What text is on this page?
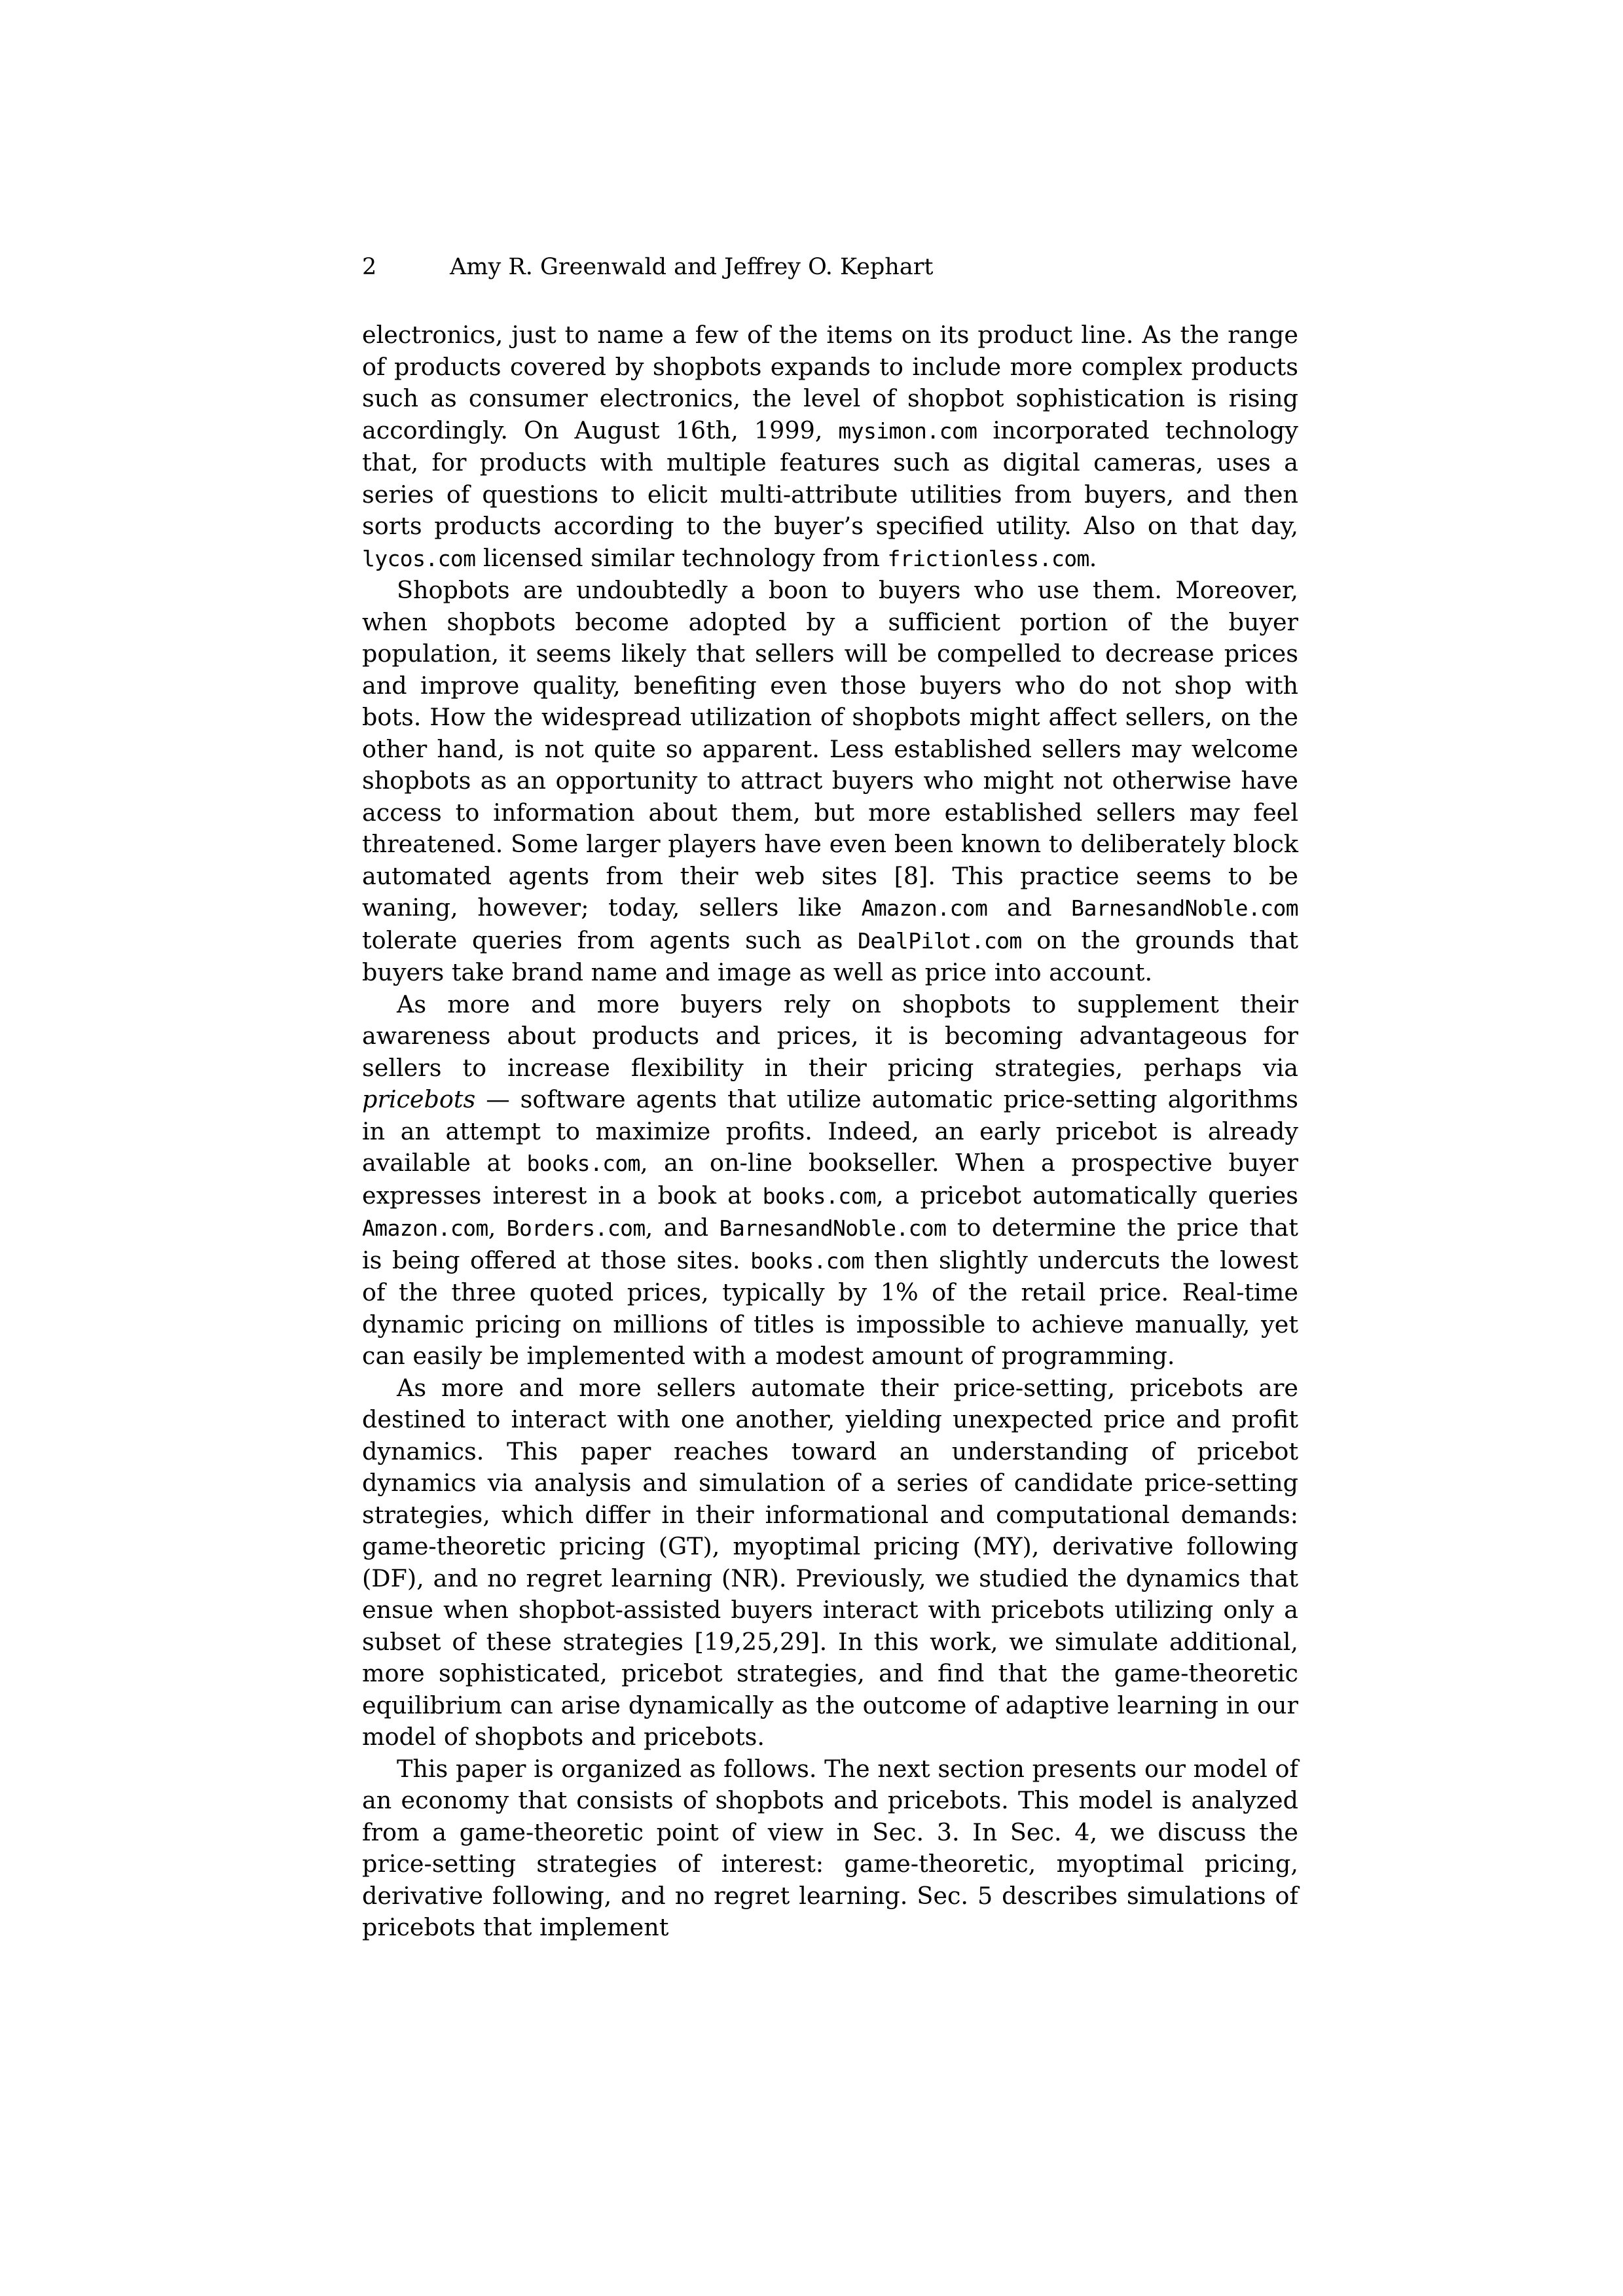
2	Amy R. Greenwald and Jeffrey O. Kephart

electronics, just to name a few of the items on its product line. As the range of products covered by shopbots expands to include more complex products such as consumer electronics, the level of shopbot sophistication is rising accordingly. On August 16th, 1999, mysimon.com incorporated technology that, for products with multiple features such as digital cameras, uses a series of questions to elicit multi-attribute utilities from buyers, and then sorts products according to the buyer’s specified utility. Also on that day, lycos.com licensed similar technology from frictionless.com.

Shopbots are undoubtedly a boon to buyers who use them. Moreover, when shopbots become adopted by a sufficient portion of the buyer population, it seems likely that sellers will be compelled to decrease prices and improve quality, benefiting even those buyers who do not shop with bots. How the widespread utilization of shopbots might affect sellers, on the other hand, is not quite so apparent. Less established sellers may welcome shopbots as an opportunity to attract buyers who might not otherwise have access to information about them, but more established sellers may feel threatened. Some larger players have even been known to deliberately block automated agents from their web sites [8]. This practice seems to be waning, however; today, sellers like Amazon.com and BarnesandNoble.com tolerate queries from agents such as DealPilot.com on the grounds that buyers take brand name and image as well as price into account.

As more and more buyers rely on shopbots to supplement their awareness about products and prices, it is becoming advantageous for sellers to increase flexibility in their pricing strategies, perhaps via pricebots — software agents that utilize automatic price-setting algorithms in an attempt to maximize profits. Indeed, an early pricebot is already available at books.com, an on-line bookseller. When a prospective buyer expresses interest in a book at books.com, a pricebot automatically queries Amazon.com, Borders.com, and BarnesandNoble.com to determine the price that is being offered at those sites. books.com then slightly undercuts the lowest of the three quoted prices, typically by 1% of the retail price. Real-time dynamic pricing on millions of titles is impossible to achieve manually, yet can easily be implemented with a modest amount of programming.

As more and more sellers automate their price-setting, pricebots are destined to interact with one another, yielding unexpected price and profit dynamics. This paper reaches toward an understanding of pricebot dynamics via analysis and simulation of a series of candidate price-setting strategies, which differ in their informational and computational demands: game-theoretic pricing (GT), myoptimal pricing (MY), derivative following (DF), and no regret learning (NR). Previously, we studied the dynamics that ensue when shopbot-assisted buyers interact with pricebots utilizing only a subset of these strategies [19,25,29]. In this work, we simulate additional, more sophisticated, pricebot strategies, and find that the game-theoretic equilibrium can arise dynamically as the outcome of adaptive learning in our model of shopbots and pricebots.

This paper is organized as follows. The next section presents our model of an economy that consists of shopbots and pricebots. This model is analyzed from a game-theoretic point of view in Sec. 3. In Sec. 4, we discuss the price-setting strategies of interest: game-theoretic, myoptimal pricing, derivative following, and no regret learning. Sec. 5 describes simulations of pricebots that implement
